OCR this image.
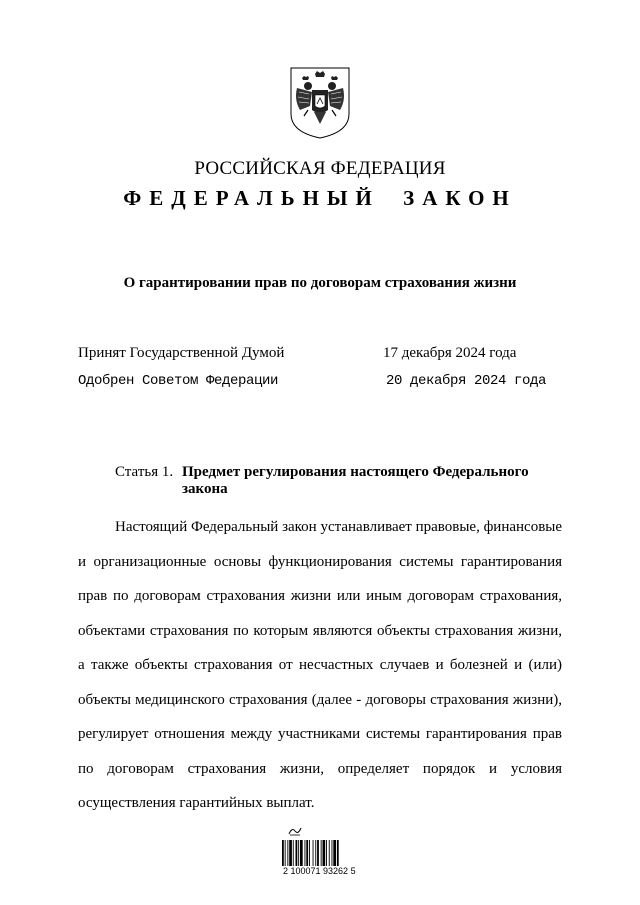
РОССИЙСКАЯ ФЕДЕРАЦИЯ
ФЕДЕРАЛЬНЫЙ ЗАКОН
О гарантировании прав по договорам страхования жизни
Принят Государственной Думой	17 декабря 2024 года
Одобрен Советом Федерации	20 декабря 2024 года
Статья 1. Предмет регулирования настоящего Федерального
закона
Настоящий Федеральный закон устанавливает правовые, финансовые
и организационные основы функционирования системы гарантирования
прав по договорам страхования жизни или иным договорам страхования,
объектами страхования по которым являются объекты страхования жизни,
а также объекты страхования от несчастных случаев и болезней и (или)
объекты медицинского страхования (далее - договоры страхования жизни),
регулирует отношения между участниками системы гарантирования прав
по договорам страхования жизни, определяет порядок и условия
осуществления гарантийных выплат.
2 100071 93262 5
